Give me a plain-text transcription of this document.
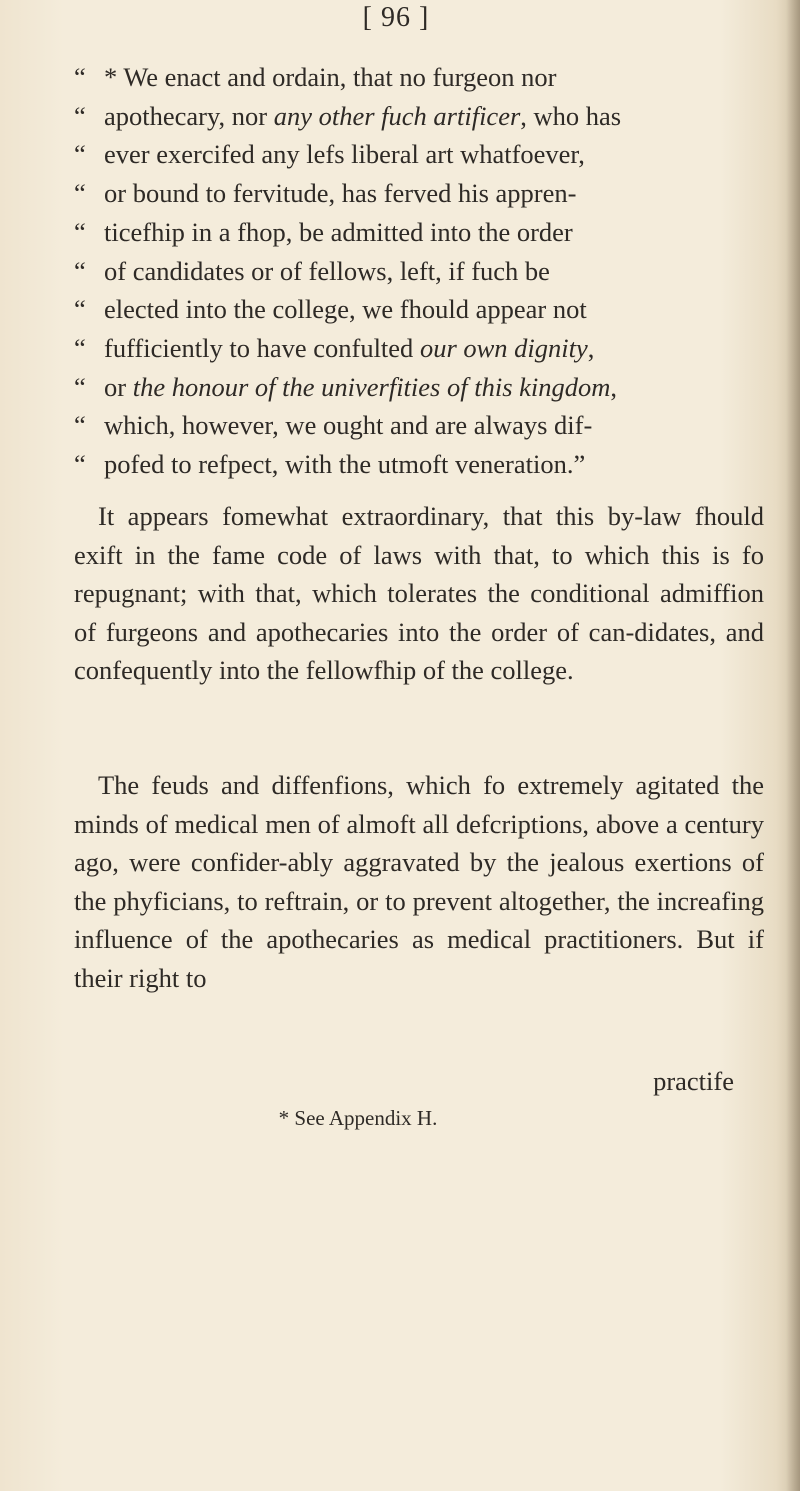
[ 96 ]
“ * We enact and ordain, that no furgeon nor
“ apothecary, nor any other fuch artificer, who has
“ ever exercifed any lefs liberal art whatfoever,
“ or bound to fervitude, has ferved his appren-
“ ticefhip in a fhop, be admitted into the order
“ of candidates or of fellows, left, if fuch be
“ elected into the college, we fhould appear not
“ fufficiently to have confulted our own dignity,
“ or the honour of the univerfities of this kingdom,
“ which, however, we ought and are always dif-
“ pofed to refpect, with the utmoft veneration.”
It appears fomewhat extraordinary, that this by-law fhould exift in the fame code of laws with that, to which this is fo repugnant; with that, which tolerates the conditional admiffion of furgeons and apothecaries into the order of can-didates, and confequently into the fellowfhip of the college.
The feuds and diffenfions, which fo extremely agitated the minds of medical men of almoft all defcriptions, above a century ago, were confider-ably aggravated by the jealous exertions of the phyficians, to reftrain, or to prevent altogether, the increafing influence of the apothecaries as medical practitioners. But if their right to
practife
* See Appendix H.
